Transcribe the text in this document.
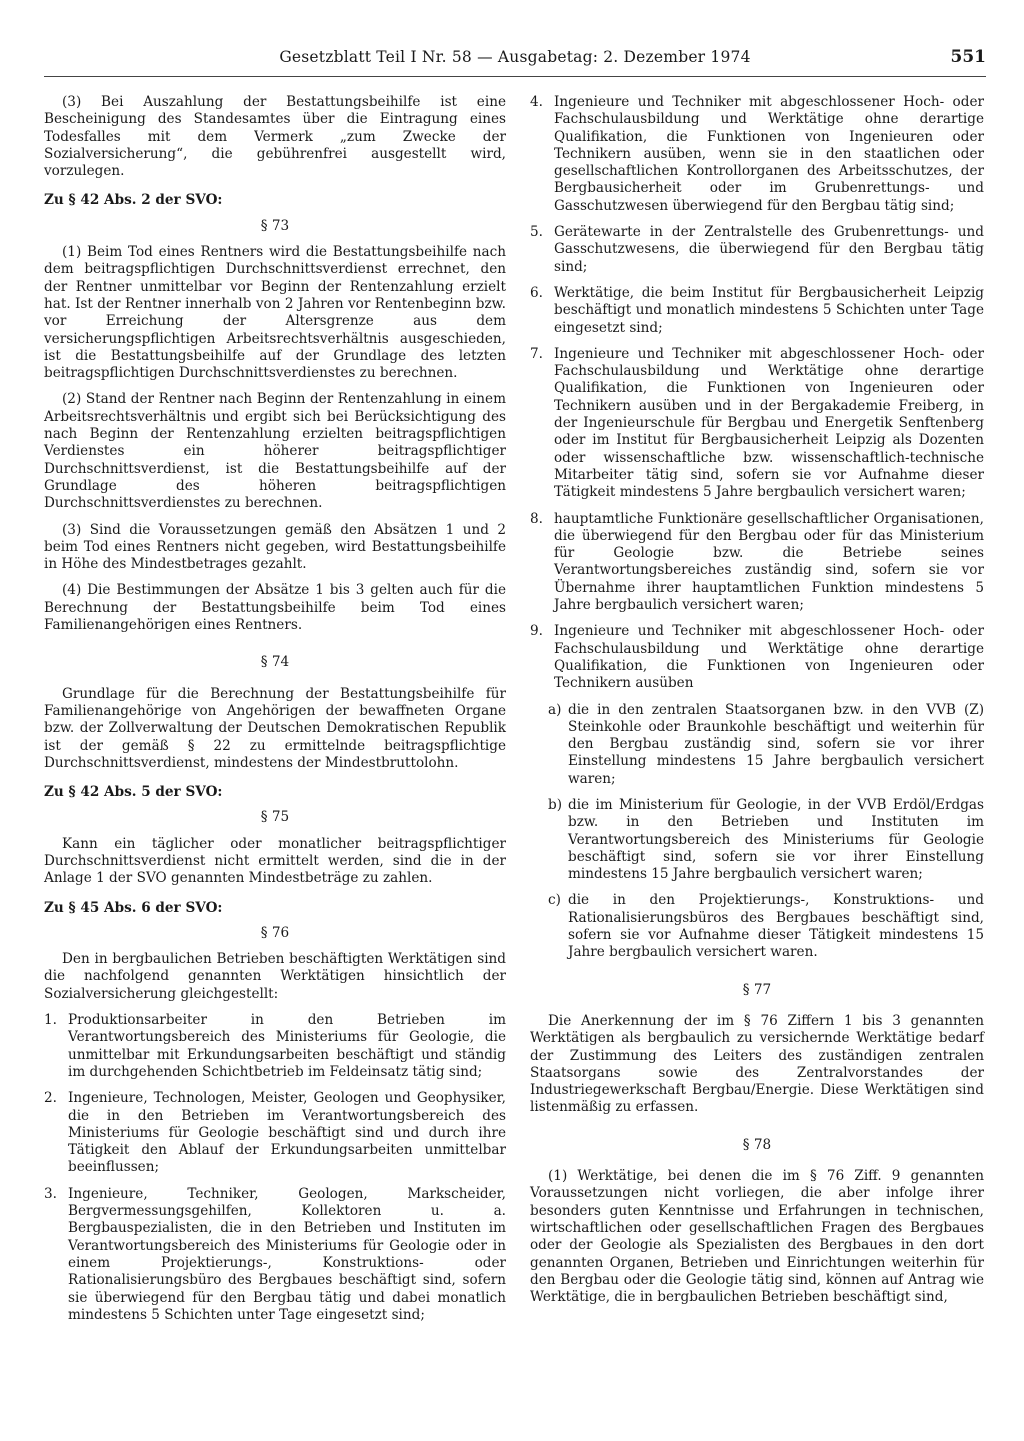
Gesetzblatt Teil I Nr. 58 — Ausgabetag: 2. Dezember 1974	551

(3) Bei Auszahlung der Bestattungsbeihilfe ist eine Bescheinigung des Standesamtes über die Eintragung eines Todesfalles mit dem Vermerk „zum Zwecke der Sozialversicherung“, die gebührenfrei ausgestellt wird, vorzulegen.

Zu § 42 Abs. 2 der SVO:
§ 73

(1) Beim Tod eines Rentners wird die Bestattungsbeihilfe nach dem beitragspflichtigen Durchschnittsverdienst errechnet, den der Rentner unmittelbar vor Beginn der Rentenzahlung erzielt hat. Ist der Rentner innerhalb von 2 Jahren vor Rentenbeginn bzw. vor Erreichung der Altersgrenze aus dem versicherungspflichtigen Arbeitsrechtsverhältnis ausgeschieden, ist die Bestattungsbeihilfe auf der Grundlage des letzten beitragspflichtigen Durchschnittsverdienstes zu berechnen.

(2) Stand der Rentner nach Beginn der Rentenzahlung in einem Arbeitsrechtsverhältnis und ergibt sich bei Berücksichtigung des nach Beginn der Rentenzahlung erzielten beitragspflichtigen Verdienstes ein höherer beitragspflichtiger Durchschnittsverdienst, ist die Bestattungsbeihilfe auf der Grundlage des höheren beitragspflichtigen Durchschnittsverdienstes zu berechnen.

(3) Sind die Voraussetzungen gemäß den Absätzen 1 und 2 beim Tod eines Rentners nicht gegeben, wird Bestattungsbeihilfe in Höhe des Mindestbetrages gezahlt.

(4) Die Bestimmungen der Absätze 1 bis 3 gelten auch für die Berechnung der Bestattungsbeihilfe beim Tod eines Familienangehörigen eines Rentners.

§ 74

Grundlage für die Berechnung der Bestattungsbeihilfe für Familienangehörige von Angehörigen der bewaffneten Organe bzw. der Zollverwaltung der Deutschen Demokratischen Republik ist der gemäß § 22 zu ermittelnde beitragspflichtige Durchschnittsverdienst, mindestens der Mindestbruttolohn.

Zu § 42 Abs. 5 der SVO:
§ 75

Kann ein täglicher oder monatlicher beitragspflichtiger Durchschnittsverdienst nicht ermittelt werden, sind die in der Anlage 1 der SVO genannten Mindestbeträge zu zahlen.

Zu § 45 Abs. 6 der SVO:
§ 76

Den in bergbaulichen Betrieben beschäftigten Werktätigen sind die nachfolgend genannten Werktätigen hinsichtlich der Sozialversicherung gleichgestellt:

1. Produktionsarbeiter in den Betrieben im Verantwortungsbereich des Ministeriums für Geologie, die unmittelbar mit Erkundungsarbeiten beschäftigt und ständig im durchgehenden Schichtbetrieb im Feldeinsatz tätig sind;
2. Ingenieure, Technologen, Meister, Geologen und Geophysiker, die in den Betrieben im Verantwortungsbereich des Ministeriums für Geologie beschäftigt sind und durch ihre Tätigkeit den Ablauf der Erkundungsarbeiten unmittelbar beeinflussen;
3. Ingenieure, Techniker, Geologen, Markscheider, Bergvermessungsgehilfen, Kollektoren u. a. Bergbauspezialisten, die in den Betrieben und Instituten im Verantwortungsbereich des Ministeriums für Geologie oder in einem Projektierungs-, Konstruktions- oder Rationalisierungsbüro des Bergbaues beschäftigt sind, sofern sie überwiegend für den Bergbau tätig und dabei monatlich mindestens 5 Schichten unter Tage eingesetzt sind;
4. Ingenieure und Techniker mit abgeschlossener Hoch- oder Fachschulausbildung und Werktätige ohne derartige Qualifikation, die Funktionen von Ingenieuren oder Technikern ausüben, wenn sie in den staatlichen oder gesellschaftlichen Kontrollorganen des Arbeitsschutzes, der Bergbausicherheit oder im Grubenrettungs- und Gasschutzwesen überwiegend für den Bergbau tätig sind;
5. Gerätewarte in der Zentralstelle des Grubenrettungs- und Gasschutzwesens, die überwiegend für den Bergbau tätig sind;
6. Werktätige, die beim Institut für Bergbausicherheit Leipzig beschäftigt und monatlich mindestens 5 Schichten unter Tage eingesetzt sind;
7. Ingenieure und Techniker mit abgeschlossener Hoch- oder Fachschulausbildung und Werktätige ohne derartige Qualifikation, die Funktionen von Ingenieuren oder Technikern ausüben und in der Bergakademie Freiberg, in der Ingenieurschule für Bergbau und Energetik Senftenberg oder im Institut für Bergbausicherheit Leipzig als Dozenten oder wissenschaftliche bzw. wissenschaftlich-technische Mitarbeiter tätig sind, sofern sie vor Aufnahme dieser Tätigkeit mindestens 5 Jahre bergbaulich versichert waren;
8. hauptamtliche Funktionäre gesellschaftlicher Organisationen, die überwiegend für den Bergbau oder für das Ministerium für Geologie bzw. die Betriebe seines Verantwortungsbereiches zuständig sind, sofern sie vor Übernahme ihrer hauptamtlichen Funktion mindestens 5 Jahre bergbaulich versichert waren;
9. Ingenieure und Techniker mit abgeschlossener Hoch- oder Fachschulausbildung und Werktätige ohne derartige Qualifikation, die Funktionen von Ingenieuren oder Technikern ausüben
a) die in den zentralen Staatsorganen bzw. in den VVB (Z) Steinkohle oder Braunkohle beschäftigt und weiterhin für den Bergbau zuständig sind, sofern sie vor ihrer Einstellung mindestens 15 Jahre bergbaulich versichert waren;
b) die im Ministerium für Geologie, in der VVB Erdöl/Erdgas bzw. in den Betrieben und Instituten im Verantwortungsbereich des Ministeriums für Geologie beschäftigt sind, sofern sie vor ihrer Einstellung mindestens 15 Jahre bergbaulich versichert waren;
c) die in den Projektierungs-, Konstruktions- und Rationalisierungsbüros des Bergbaues beschäftigt sind, sofern sie vor Aufnahme dieser Tätigkeit mindestens 15 Jahre bergbaulich versichert waren.
§ 77

Die Anerkennung der im § 76 Ziffern 1 bis 3 genannten Werktätigen als bergbaulich zu versichernde Werktätige bedarf der Zustimmung des Leiters des zuständigen zentralen Staatsorgans sowie des Zentralvorstandes der Industriegewerkschaft Bergbau/Energie. Diese Werktätigen sind listenmäßig zu erfassen.

§ 78

(1) Werktätige, bei denen die im § 76 Ziff. 9 genannten Voraussetzungen nicht vorliegen, die aber infolge ihrer besonders guten Kenntnisse und Erfahrungen in technischen, wirtschaftlichen oder gesellschaftlichen Fragen des Bergbaues oder der Geologie als Spezialisten des Bergbaues in den dort genannten Organen, Betrieben und Einrichtungen weiterhin für den Bergbau oder die Geologie tätig sind, können auf Antrag wie Werktätige, die in bergbaulichen Betrieben beschäftigt sind,
